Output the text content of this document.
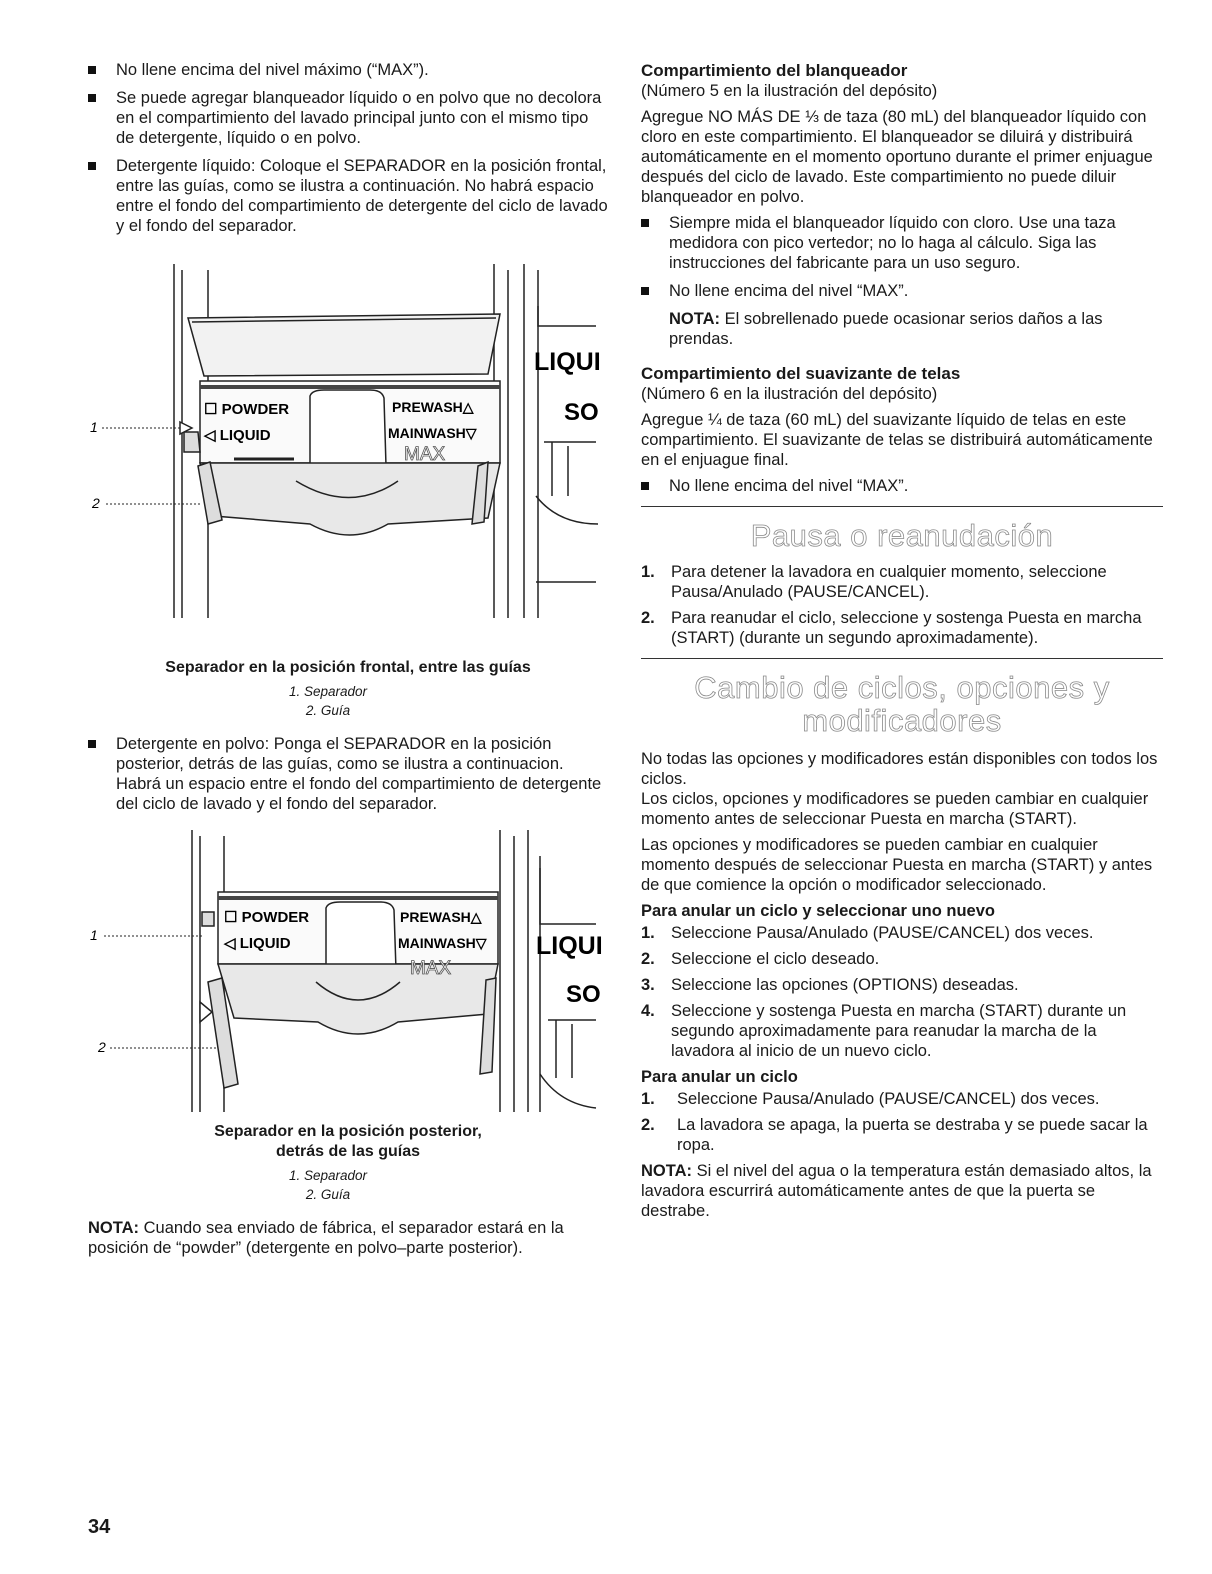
No llene encima del nivel máximo (“MAX”).
Se puede agregar blanqueador líquido o en polvo que no decolora en el compartimiento del lavado principal junto con el mismo tipo de detergente, líquido o en polvo.
Detergente líquido: Coloque el SEPARADOR en la posición frontal, entre las guías, como se ilustra a continuación. No habrá espacio entre el fondo del compartimiento de detergente del ciclo de lavado y el fondo del separador.
1
2
☐ POWDER
◁ LIQUID
PREWASH△
MAINWASH▽
MAX
LIQUI
SO

Separador en la posición frontal, entre las guías

1. Separador
2. Guía
Detergente en polvo: Ponga el SEPARADOR en la posición posterior, detrás de las guías, como se ilustra a continuacion. Habrá un espacio entre el fondo del compartimiento de detergente del ciclo de lavado y el fondo del separador.
1
2
☐ POWDER
◁ LIQUID
PREWASH△
MAINWASH▽
MAX
LIQUI
SO

Separador en la posición posterior,

detrás de las guías

1. Separador
2. Guía

NOTA: Cuando sea enviado de fábrica, el separador estará en la posición de “powder” (detergente en polvo–parte posterior).

Compartimiento del blanqueador

(Número 5 en la ilustración del depósito)

Agregue NO MÁS DE ⅓ de taza (80 mL) del blanqueador líquido con cloro en este compartimiento. El blanqueador se diluirá y distribuirá automáticamente en el momento oportuno durante el primer enjuague después del ciclo de lavado. Este compartimiento no puede diluir blanqueador en polvo.

Siempre mida el blanqueador líquido con cloro. Use una taza medidora con pico vertedor; no lo haga al cálculo. Siga las instrucciones del fabricante para un uso seguro.
No llene encima del nivel “MAX”.

NOTA: El sobrellenado puede ocasionar serios daños a las prendas.

Compartimiento del suavizante de telas

(Número 6 en la ilustración del depósito)

Agregue ¼ de taza (60 mL) del suavizante líquido de telas en este compartimiento. El suavizante de telas se distribuirá automáticamente en el enjuague final.

No llene encima del nivel “MAX”.
Pausa o reanudación
1. Para detener la lavadora en cualquier momento, seleccione Pausa/Anulado (PAUSE/CANCEL).
2. Para reanudar el ciclo, seleccione y sostenga Puesta en marcha (START) (durante un segundo aproximadamente).
Cambio de ciclos, opciones y
modificadores

No todas las opciones y modificadores están disponibles con todos los ciclos.

Los ciclos, opciones y modificadores se pueden cambiar en cualquier momento antes de seleccionar Puesta en marcha (START).

Las opciones y modificadores se pueden cambiar en cualquier momento después de seleccionar Puesta en marcha (START) y antes de que comience la opción o modificador seleccionado.

Para anular un ciclo y seleccionar uno nuevo
1. Seleccione Pausa/Anulado (PAUSE/CANCEL) dos veces.
2. Seleccione el ciclo deseado.
3. Seleccione las opciones (OPTIONS) deseadas.
4. Seleccione y sostenga Puesta en marcha (START) durante un segundo aproximadamente para reanudar la marcha de la lavadora al inicio de un nuevo ciclo.
Para anular un ciclo
1. Seleccione Pausa/Anulado (PAUSE/CANCEL) dos veces.
2. La lavadora se apaga, la puerta se destraba y se puede sacar la ropa.

NOTA: Si el nivel del agua o la temperatura están demasiado altos, la lavadora escurrirá automáticamente antes de que la puerta se destrabe.

34
